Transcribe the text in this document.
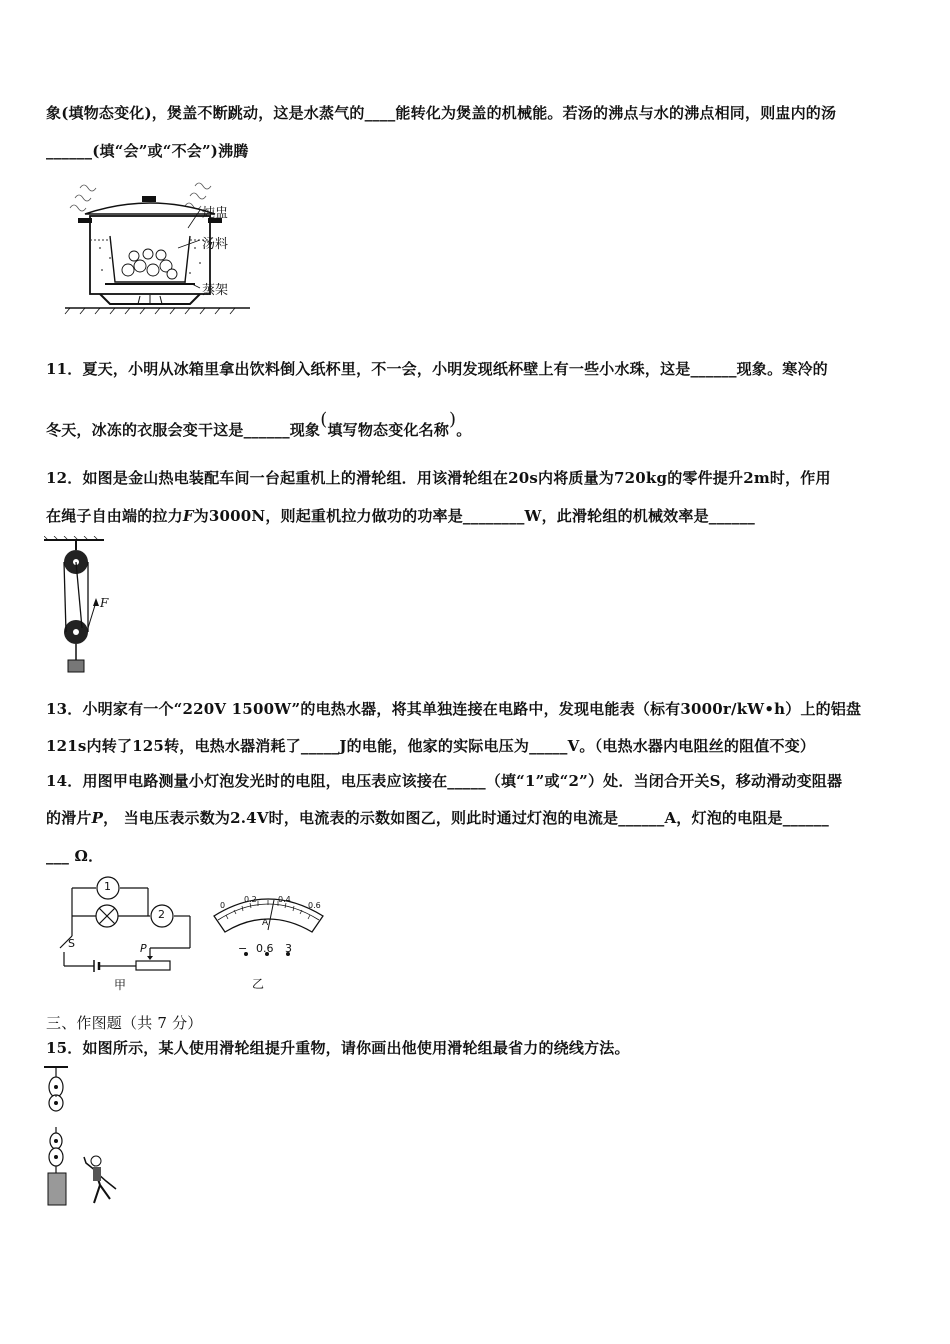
象(填物态变化)，煲盖不断跳动，这是水蒸气的____能转化为煲盖的机械能。若汤的沸点与水的沸点相同，则盅内的汤
______(填“会”或“不会”)沸腾
炖盅
汤料
蒸架
11．夏天，小明从冰箱里拿出饮料倒入纸杯里，不一会，小明发现纸杯壁上有一些小水珠，这是______现象。寒冷的
冬天，冰冻的衣服会变干这是______现象(填写物态变化名称)。
12．如图是金山热电装配车间一台起重机上的滑轮组．用该滑轮组在20s内将质量为720kg的零件提升2m时，作用
在绳子自由端的拉力F为3000N，则起重机拉力做功的功率是________W，此滑轮组的机械效率是______
F
13．小明家有一个“220V 1500W”的电热水器，将其单独连接在电路中，发现电能表（标有3000r/kW•h）上的铝盘
121s内转了125转，电热水器消耗了_____J的电能，他家的实际电压为_____V。（电热水器内电阻丝的阻值不变）
14．用图甲电路测量小灯泡发光时的电阻，电压表应该接在_____（填“1”或“2”）处．当闭合开关S，移动滑动变阻器
的滑片P， 当电压表示数为2.4V时，电流表的示数如图乙，则此时通过灯泡的电流是______A，灯泡的电阻是______
___ Ω．
1
2
S	P
甲
0
0.2	0.4
0.6
A
− 0.6 3
乙
三、作图题（共 7 分）
15．如图所示，某人使用滑轮组提升重物，请你画出他使用滑轮组最省力的绕线方法。
